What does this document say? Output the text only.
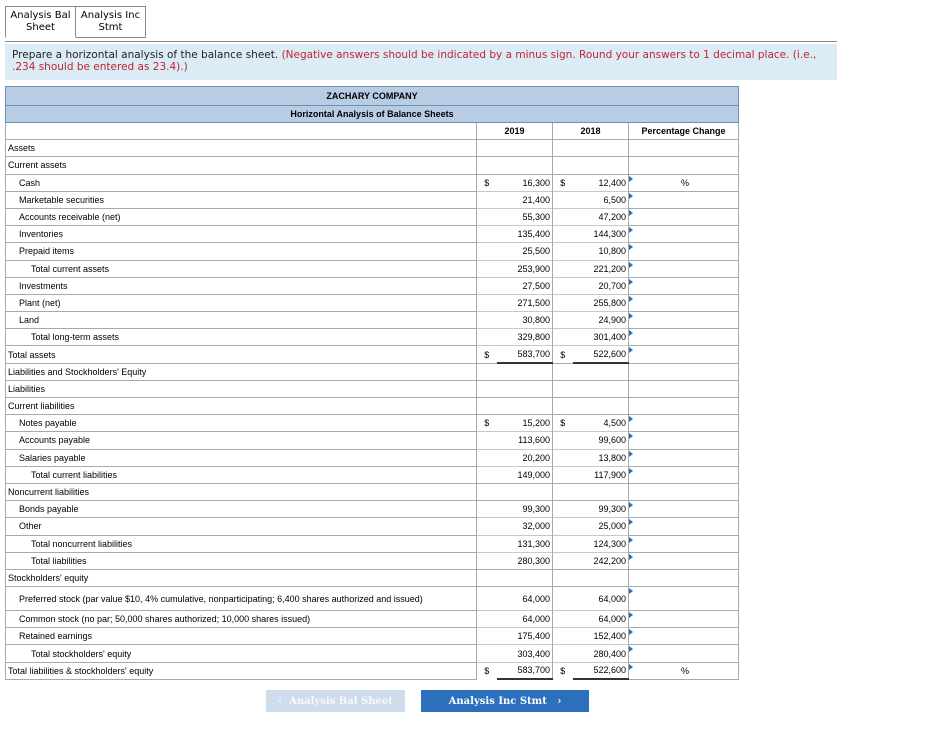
Analysis Bal
Sheet
Analysis Inc
Stmt
Prepare a horizontal analysis of the balance sheet. (Negative answers should be indicated by a minus sign. Round your answers to 1 decimal place. (i.e., .234 should be entered as 23.4).)
ZACHARY COMPANY					
Horizontal Analysis of Balance Sheets					
	2019		2018		Percentage Change
Assets					
Current assets					
Cash	$	16,300	$	12,400	%
Marketable securities		21,400		6,500

Accounts receivable (net)		55,300		47,200

Inventories		135,400		144,300

Prepaid items		25,500		10,800

Total current assets		253,900		221,200

Investments		27,500		20,700

Plant (net)		271,500		255,800

Land		30,800		24,900

Total long-term assets		329,800		301,400

Total assets	$	583,700	$	522,600

Liabilities and Stockholders' Equity					
Liabilities					
Current liabilities					
Notes payable	$	15,200	$	4,500

Accounts payable		113,600		99,600

Salaries payable		20,200		13,800

Total current liabilities		149,000		117,900

Noncurrent liabilities					
Bonds payable		99,300		99,300

Other		32,000		25,000

Total noncurrent liabilities		131,300		124,300

Total liabilities		280,300		242,200

Stockholders' equity					
Preferred stock (par value $10, 4% cumulative, nonparticipating; 6,400 shares authorized and issued)		64,000		64,000

Common stock (no par; 50,000 shares authorized; 10,000 shares issued)		64,000		64,000

Retained earnings		175,400		152,400

Total stockholders' equity		303,400		280,400

Total liabilities & stockholders' equity	$	583,700	$	522,600	%
‹ Analysis Bal Sheet	Analysis Inc Stmt ›
